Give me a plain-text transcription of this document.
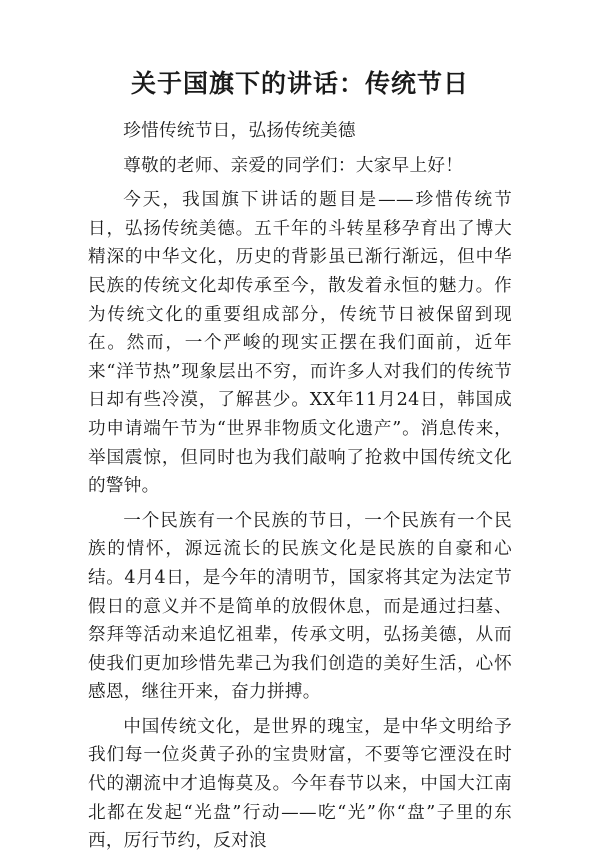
关于国旗下的讲话：传统节日

珍惜传统节日，弘扬传统美德

尊敬的老师、亲爱的同学们：大家早上好！

今天，我国旗下讲话的题目是——珍惜传统节日，弘扬传统美德。五千年的斗转星移孕育出了博大精深的中华文化，历史的背影虽已渐行渐远，但中华民族的传统文化却传承至今，散发着永恒的魅力。作为传统文化的重要组成部分，传统节日被保留到现在。然而，一个严峻的现实正摆在我们面前，近年来“洋节热”现象层出不穷，而许多人对我们的传统节日却有些冷漠，了解甚少。XX年11月24日，韩国成功申请端午节为“世界非物质文化遗产”。消息传来，举国震惊，但同时也为我们敲响了抢救中国传统文化的警钟。

一个民族有一个民族的节日，一个民族有一个民族的情怀，源远流长的民族文化是民族的自豪和心结。4月4日，是今年的清明节，国家将其定为法定节假日的意义并不是简单的放假休息，而是通过扫墓、祭拜等活动来追忆祖辈，传承文明，弘扬美德，从而使我们更加珍惜先辈己为我们创造的美好生活，心怀感恩，继往开来，奋力拼搏。

中国传统文化，是世界的瑰宝，是中华文明给予我们每一位炎黄子孙的宝贵财富，不要等它湮没在时代的潮流中才追悔莫及。今年春节以来，中国大江南北都在发起“光盘”行动——吃“光”你“盘”子里的东西，厉行节约，反对浪
